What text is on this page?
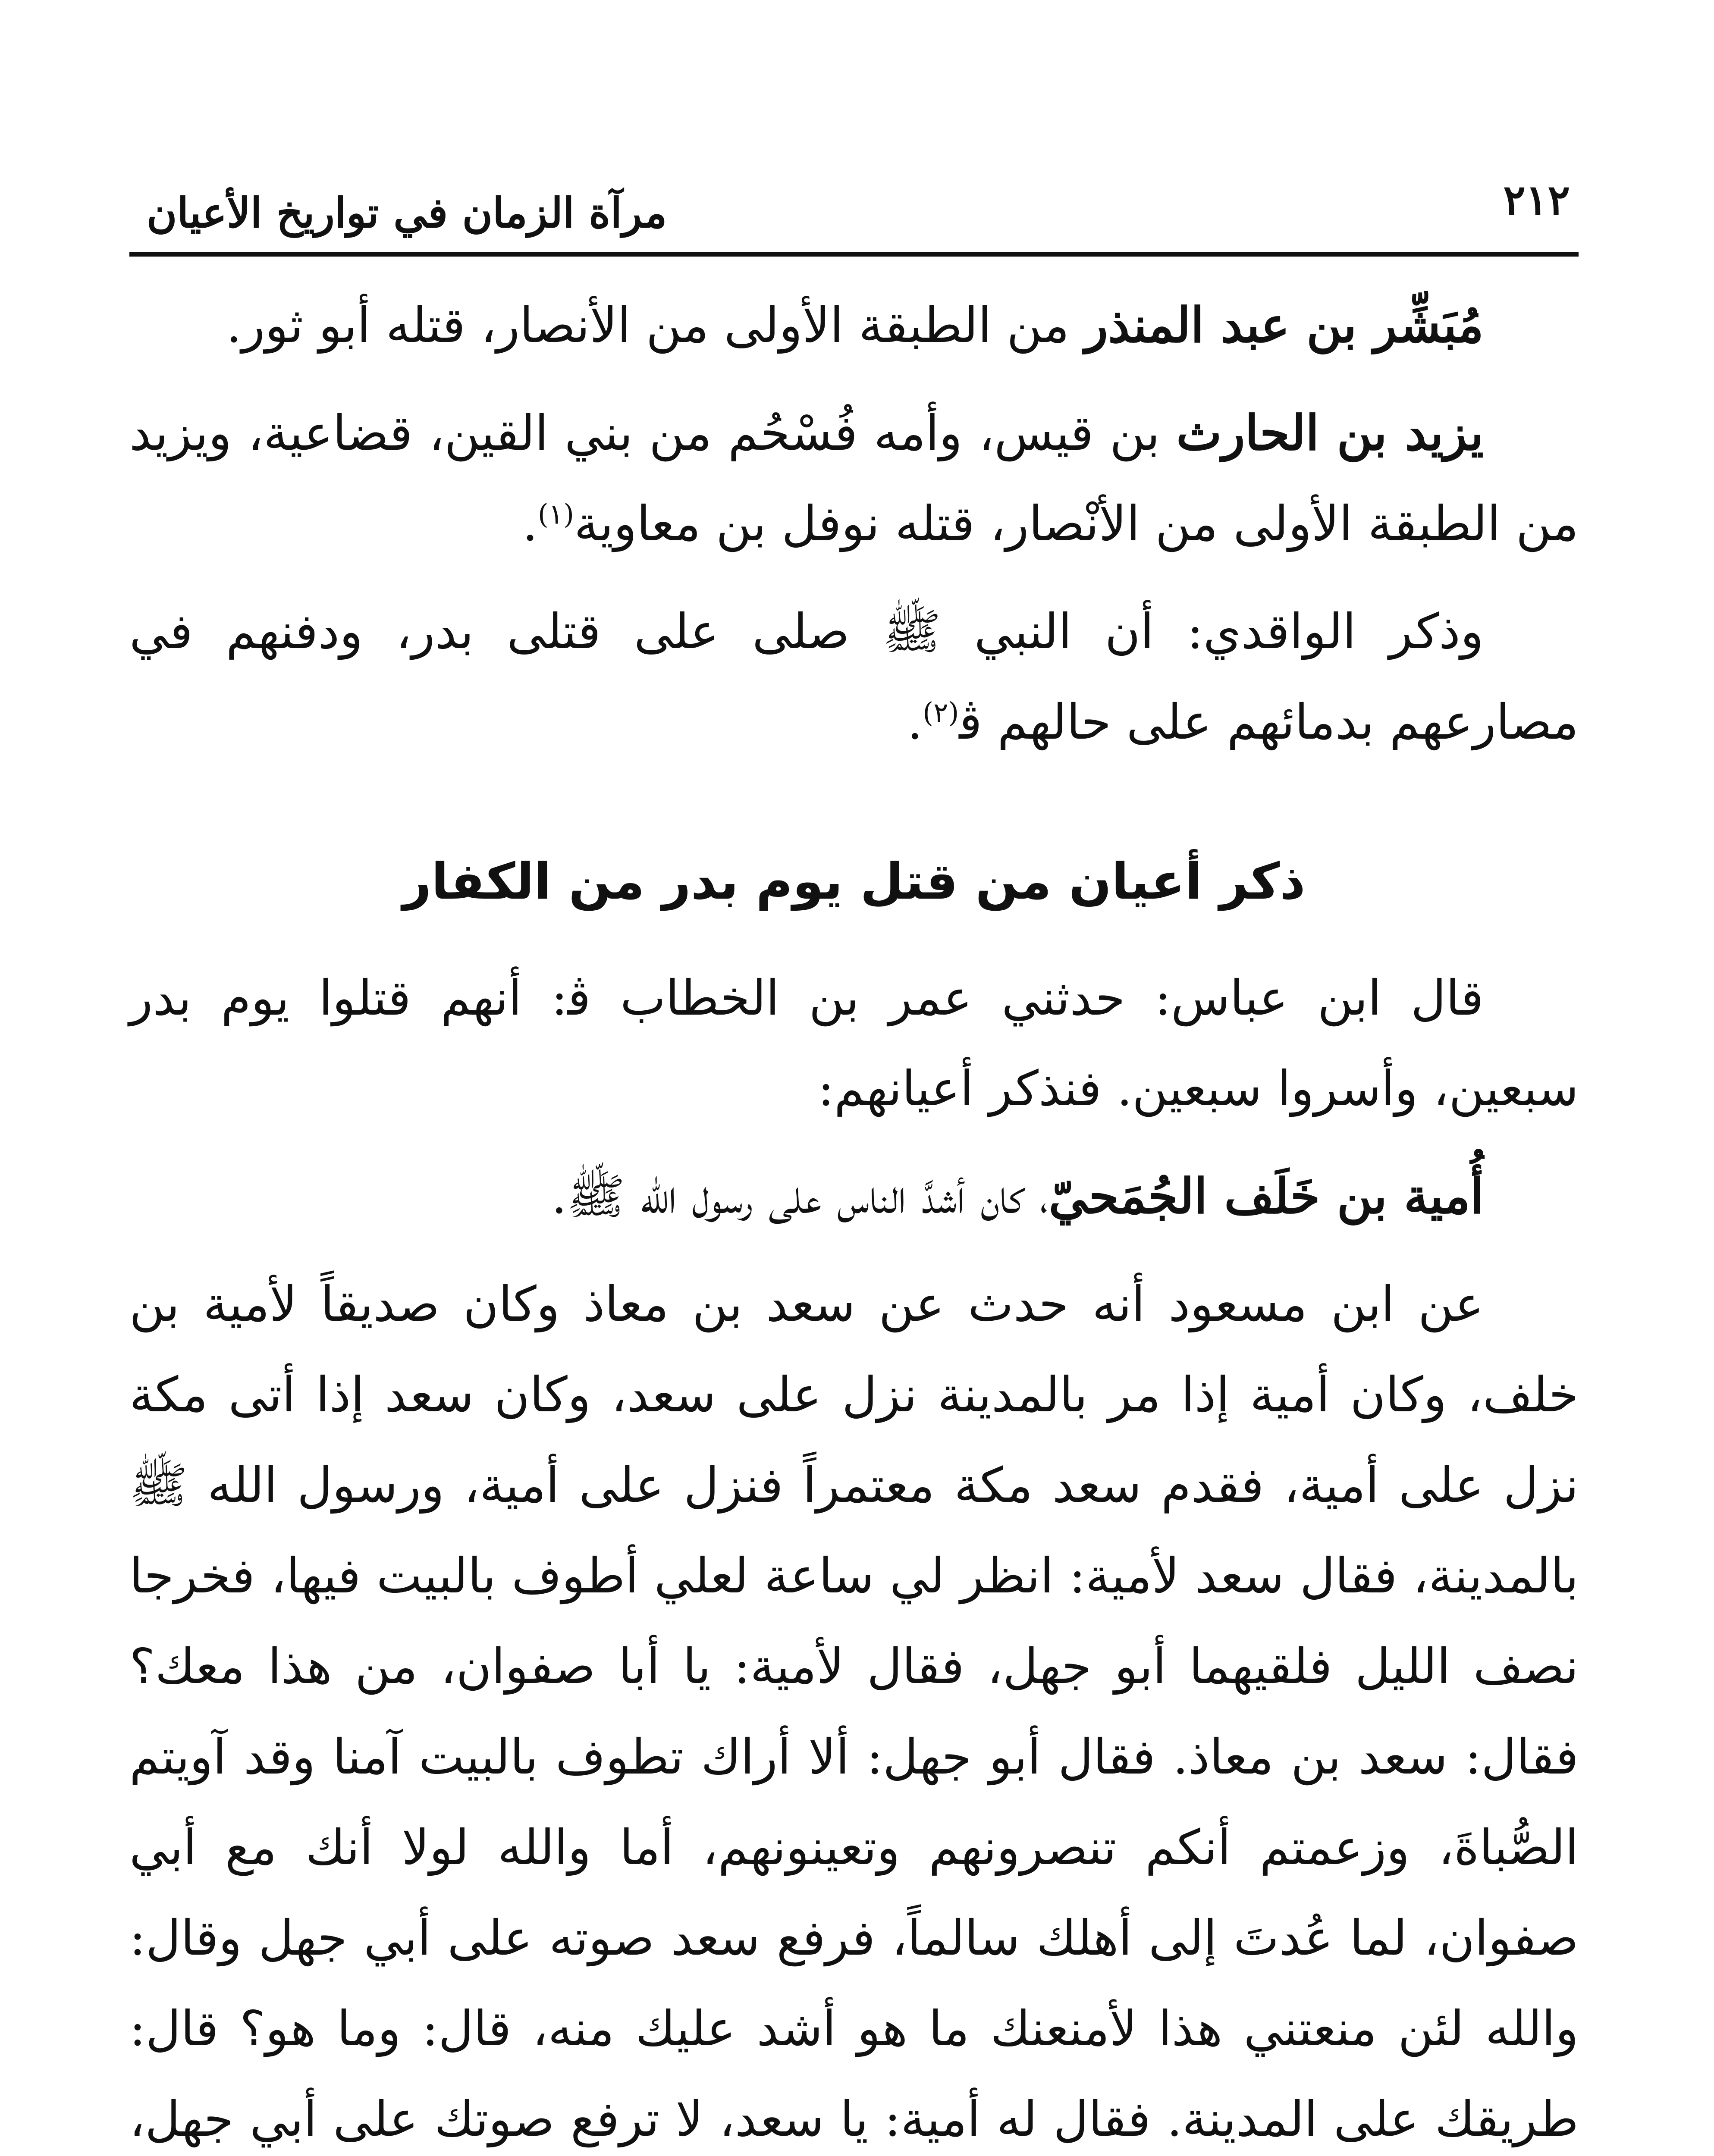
مرآة الزمان في تواريخ الأعيان	٢١٢

مُبَشِّر بن عبد المنذر من الطبقة الأولى من الأنصار، قتله أبو ثور.

يزيد بن الحارث بن قيس، وأمه فُسْحُم من بني القين، قضاعية، ويزيد من الطبقة الأولى من الأنْصار، قتله نوفل بن معاوية$^{(١)}$.

وذكر الواقدي: أن النبي ﷺ صلى على قتلى بدر، ودفنهم في مصارعهم بدمائهم على حالهم ﭬ$^{(٢)}$.

ذكر أعيان من قتل يوم بدر من الكفار

قال ابن عباس: حدثني عمر بن الخطاب ﭬ: أنهم قتلوا يوم بدر سبعين، وأسروا سبعين. فنذكر أعيانهم:

أُمية بن خَلَف الجُمَحيّ، كان أشدَّ الناس على رسول الله ﷺ.

عن ابن مسعود أنه حدث عن سعد بن معاذ وكان صديقاً لأمية بن خلف، وكان أمية إذا مر بالمدينة نزل على سعد، وكان سعد إذا أتى مكة نزل على أمية، فقدم سعد مكة معتمراً فنزل على أمية، ورسول الله ﷺ بالمدينة، فقال سعد لأمية: انظر لي ساعة لعلي أطوف بالبيت فيها، فخرجا نصف الليل فلقيهما أبو جهل، فقال لأمية: يا أبا صفوان، من هذا معك؟ فقال: سعد بن معاذ. فقال أبو جهل: ألا أراك تطوف بالبيت آمنا وقد آويتم الصُّباةَ، وزعمتم أنكم تنصرونهم وتعينونهم، أما والله لولا أنك مع أبي صفوان، لما عُدتَ إلى أهلك سالماً، فرفع سعد صوته على أبي جهل وقال: والله لئن منعتني هذا لأمنعنك ما هو أشد عليك منه، قال: وما هو؟ قال: طريقك على المدينة. فقال له أمية: يا سعد، لا ترفع صوتك على أبي جهل،
